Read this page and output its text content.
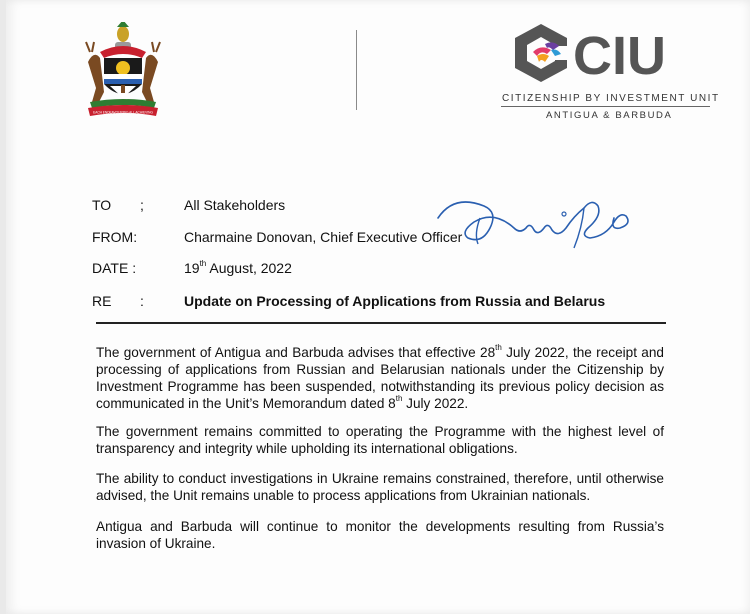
EACH ENDEAVOURING ALL ACHIEVING
CIU
CITIZENSHIP BY INVESTMENT UNIT
ANTIGUA & BARBUDA
TO ;	All Stakeholders
FROM:	Charmaine Donovan, Chief Executive Officer
DATE :	19th August, 2022
RE :	Update on Processing of Applications from Russia and Belarus
The government of Antigua and Barbuda advises that effective 28th July 2022, the receipt and processing of applications from Russian and Belarusian nationals under the Citizenship by Investment Programme has been suspended, notwithstanding its previous policy decision as communicated in the Unit’s Memorandum dated 8th July 2022.
The government remains committed to operating the Programme with the highest level of transparency and integrity while upholding its international obligations.
The ability to conduct investigations in Ukraine remains constrained, therefore, until otherwise advised, the Unit remains unable to process applications from Ukrainian nationals.
Antigua and Barbuda will continue to monitor the developments resulting from Russia’s invasion of Ukraine.
